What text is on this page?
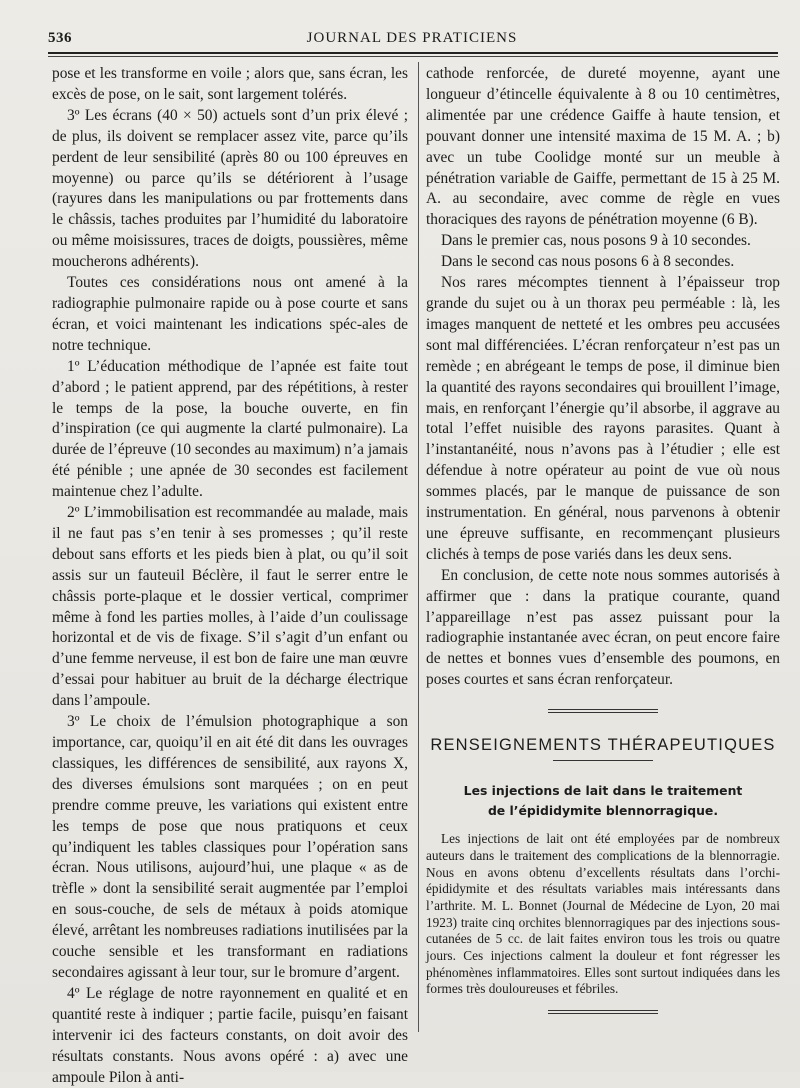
536	JOURNAL DES PRATICIENS

pose et les transforme en voile ; alors que, sans écran, les excès de pose, on le sait, sont largement tolérés.

3º Les écrans (40 × 50) actuels sont d’un prix élevé ; de plus, ils doivent se remplacer assez vite, parce qu’ils perdent de leur sensibilité (après 80 ou 100 épreuves en moyenne) ou parce qu’ils se détériorent à l’usage (rayures dans les manipulations ou par frottements dans le châssis, taches produites par l’humidité du laboratoire ou même moisissures, traces de doigts, poussières, même moucherons adhérents).

Toutes ces considérations nous ont amené à la radiographie pulmonaire rapide ou à pose courte et sans écran, et voici maintenant les indications spéc-ales de notre technique.

1º L’éducation méthodique de l’apnée est faite tout d’abord ; le patient apprend, par des répétitions, à rester le temps de la pose, la bouche ouverte, en fin d’inspiration (ce qui augmente la clarté pulmonaire). La durée de l’épreuve (10 secondes au maximum) n’a jamais été pénible ; une apnée de 30 secondes est facilement maintenue chez l’adulte.

2º L’immobilisation est recommandée au malade, mais il ne faut pas s’en tenir à ses promesses ; qu’il reste debout sans efforts et les pieds bien à plat, ou qu’il soit assis sur un fauteuil Béclère, il faut le serrer entre le châssis porte-plaque et le dossier vertical, comprimer même à fond les parties molles, à l’aide d’un coulissage horizontal et de vis de fixage. S’il s’agit d’un enfant ou d’une femme nerveuse, il est bon de faire une man œuvre d’essai pour habituer au bruit de la décharge électrique dans l’ampoule.

3º Le choix de l’émulsion photographique a son importance, car, quoiqu’il en ait été dit dans les ouvrages classiques, les différences de sensibilité, aux rayons X, des diverses émulsions sont marquées ; on en peut prendre comme preuve, les variations qui existent entre les temps de pose que nous pratiquons et ceux qu’indiquent les tables classiques pour l’opération sans écran. Nous utilisons, aujourd’hui, une plaque « as de trèfle » dont la sensibilité serait augmentée par l’emploi en sous-couche, de sels de métaux à poids atomique élevé, arrêtant les nombreuses radiations inutilisées par la couche sensible et les transformant en radiations secondaires agissant à leur tour, sur le bromure d’argent.

4º Le réglage de notre rayonnement en qualité et en quantité reste à indiquer ; partie facile, puisqu’en faisant intervenir ici des facteurs constants, on doit avoir des résultats constants. Nous avons opéré : a) avec une ampoule Pilon à anti-

cathode renforcée, de dureté moyenne, ayant une longueur d’étincelle équivalente à 8 ou 10 centimètres, alimentée par une crédence Gaiffe à haute tension, et pouvant donner une intensité maxima de 15 M. A. ; b) avec un tube Coolidge monté sur un meuble à pénétration variable de Gaiffe, permettant de 15 à 25 M. A. au secondaire, avec comme de règle en vues thoraciques des rayons de pénétration moyenne (6 B).

Dans le premier cas, nous posons 9 à 10 secondes.

Dans le second cas nous posons 6 à 8 secondes.

Nos rares mécomptes tiennent à l’épaisseur trop grande du sujet ou à un thorax peu perméable : là, les images manquent de netteté et les ombres peu accusées sont mal différenciées. L’écran renforçateur n’est pas un remède ; en abrégeant le temps de pose, il diminue bien la quantité des rayons secondaires qui brouillent l’image, mais, en renforçant l’énergie qu’il absorbe, il aggrave au total l’effet nuisible des rayons parasites. Quant à l’instantanéité, nous n’avons pas à l’étudier ; elle est défendue à notre opérateur au point de vue où nous sommes placés, par le manque de puissance de son instrumentation. En général, nous parvenons à obtenir une épreuve suffisante, en recommençant plusieurs clichés à temps de pose variés dans les deux sens.

En conclusion, de cette note nous sommes autorisés à affirmer que : dans la pratique courante, quand l’appareillage n’est pas assez puissant pour la radiographie instantanée avec écran, on peut encore faire de nettes et bonnes vues d’ensemble des poumons, en poses courtes et sans écran renforçateur.

RENSEIGNEMENTS THÉRAPEUTIQUES
Les injections de lait dans le traitement
de l’épididymite blennorragique.

Les injections de lait ont été employées par de nombreux auteurs dans le traitement des complications de la blennorragie. Nous en avons obtenu d’excellents résultats dans l’orchi-épididymite et des résultats variables mais intéressants dans l’arthrite. M. L. Bonnet (Journal de Médecine de Lyon, 20 mai 1923) traite cinq orchites blennorragiques par des injections sous-cutanées de 5 cc. de lait faites environ tous les trois ou quatre jours. Ces injections calment la douleur et font régresser les phénomènes inflammatoires. Elles sont surtout indiquées dans les formes très douloureuses et fébriles.
